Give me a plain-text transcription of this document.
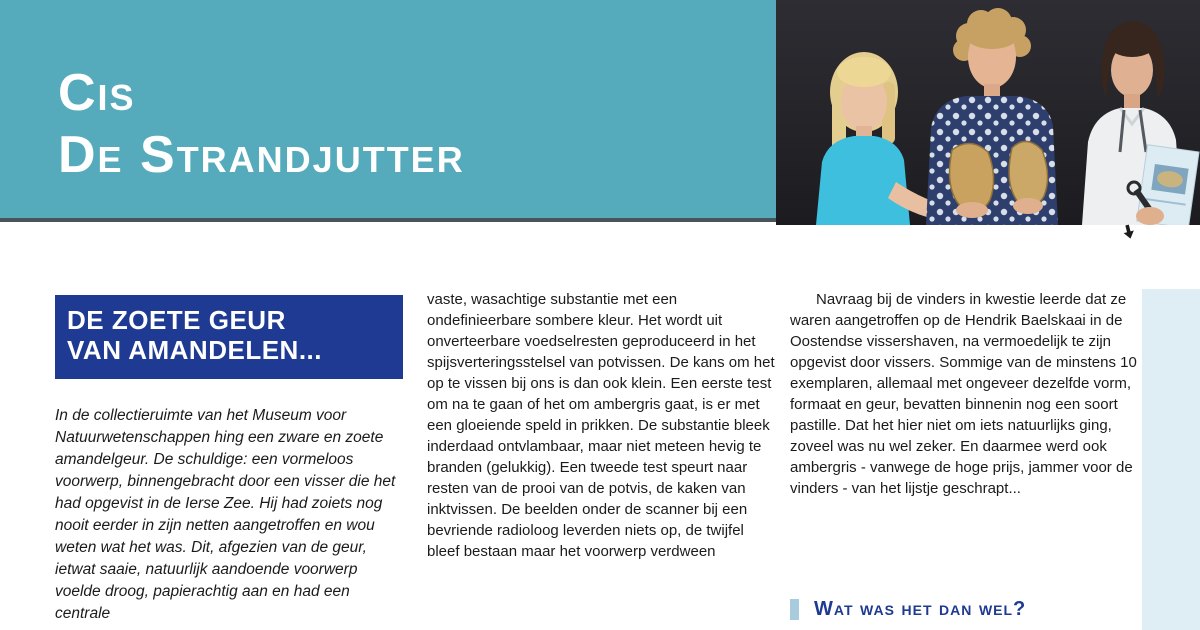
Cis
De Strandjutter
DE ZOETE GEUR
VAN AMANDELEN...

In de collectieruimte van het Museum voor Natuurwetenschappen hing een zware en zoete amandelgeur. De schuldige: een vormeloos voorwerp, binnengebracht door een visser die het had opgevist in de Ierse Zee. Hij had zoiets nog nooit eerder in zijn netten aangetroffen en wou weten wat het was. Dit, afgezien van de geur, ietwat saaie, natuurlijk aandoende voorwerp voelde droog, papierachtig aan en had een centrale

vaste, wasachtige substantie met een ondefinieerbare sombere kleur. Het wordt uit onverteerbare voedselresten geproduceerd in het spijsverteringsstelsel van potvissen. De kans om het op te vissen bij ons is dan ook klein. Een eerste test om na te gaan of het om ambergris gaat, is er met een gloeiende speld in prikken. De substantie bleek inderdaad ontvlambaar, maar niet meteen hevig te branden (gelukkig). Een tweede test speurt naar resten van de prooi van de potvis, de kaken van inktvissen. De beelden onder de scanner bij een bevriende radioloog leverden niets op, de twijfel bleef bestaan maar het voorwerp verdween

Navraag bij de vinders in kwestie leerde dat ze waren aangetroffen op de Hendrik Baelskaai in de Oostendse vissershaven, na vermoedelijk te zijn opgevist door vissers. Sommige van de minstens 10 exemplaren, allemaal met ongeveer dezelfde vorm, formaat en geur, bevatten binnenin nog een soort pastille. Dat het hier niet om iets natuurlijks ging, zoveel was nu wel zeker. En daarmee werd ook ambergris - vanwege de hoge prijs, jammer voor de vinders - van het lijstje geschrapt...

Wat was het dan wel?
